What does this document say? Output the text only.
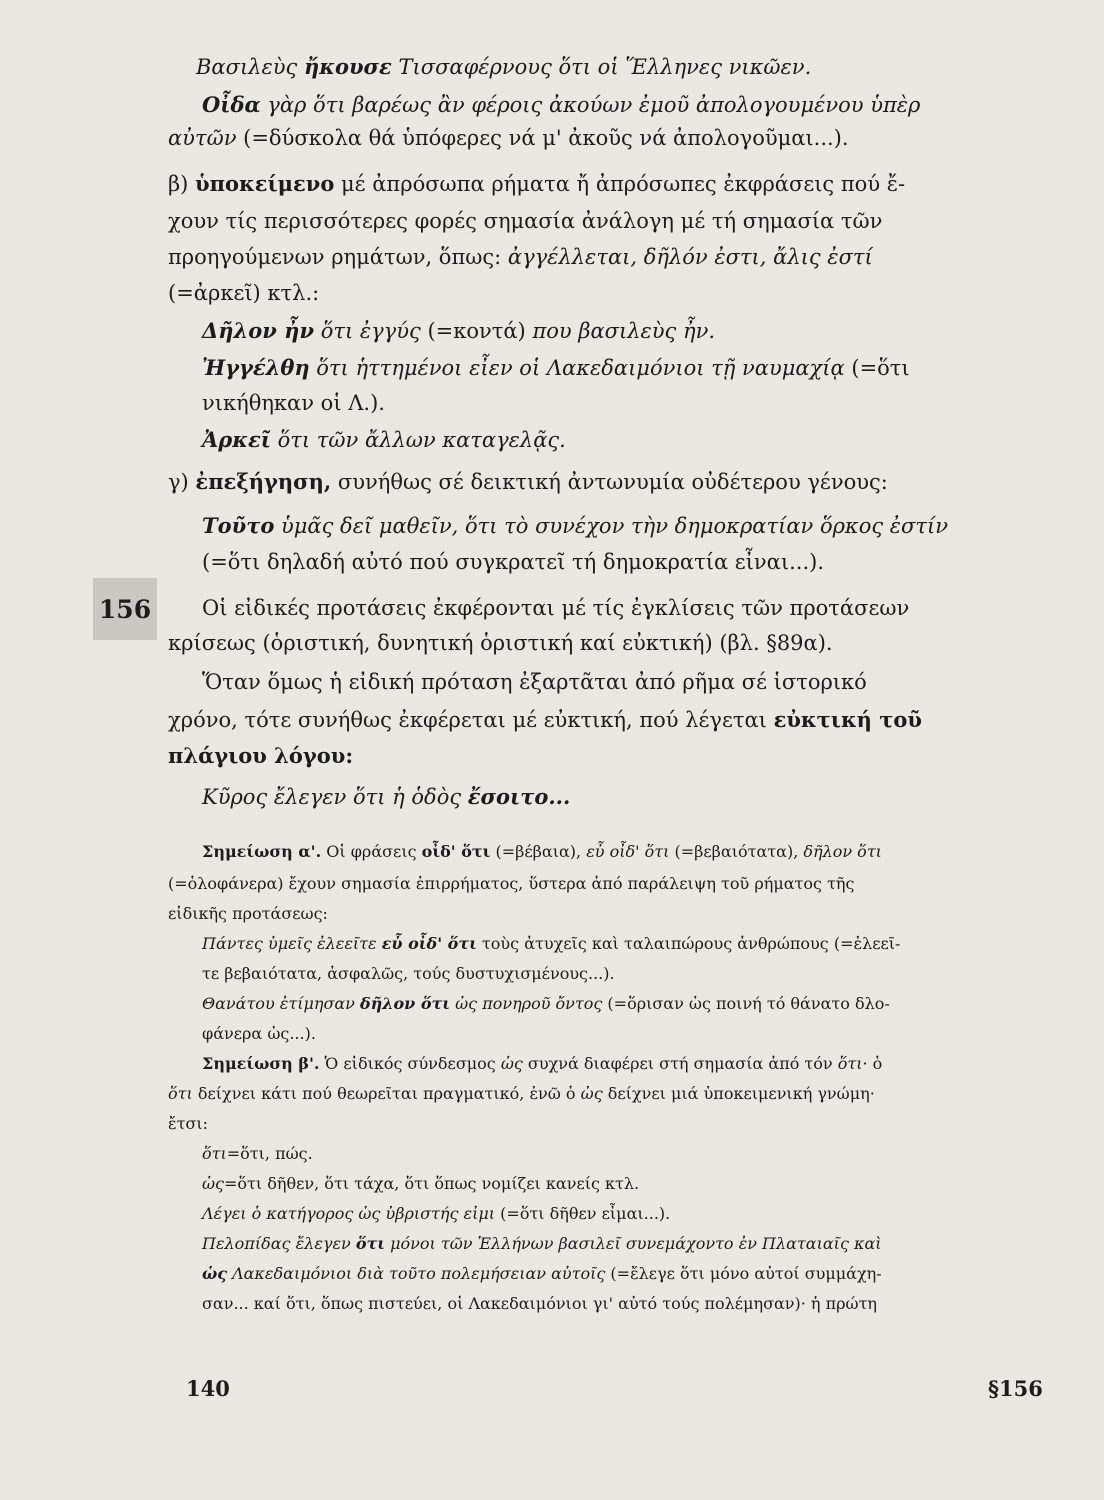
156
140	§156
Βασιλεὺς ἤκουσε Τισσαφέρνους ὅτι οἱ Ἕλληνες νικῶεν.
Οἶδα γὰρ ὅτι βαρέως ἂν φέροις ἀκούων ἐμοῦ ἀπολογουμένου ὑπὲρ
αὐτῶν (=δύσκολα θά ὑπόφερες νά μ' ἀκοῦς νά ἀπολογοῦμαι...).
β) ὑποκείμενο μέ ἀπρόσωπα ρήματα ἤ ἀπρόσωπες ἐκφράσεις πού ἔ-
χουν τίς περισσότερες φορές σημασία ἀνάλογη μέ τή σημασία τῶν
προηγούμενων ρημάτων, ὅπως: ἀγγέλλεται, δῆλόν ἐστι, ἄλις ἐστί
(=ἀρκεῖ) κτλ.:
Δῆλον ἦν ὅτι ἐγγύς (=κοντά) που βασιλεὺς ἦν.
Ἠγγέλθη ὅτι ἡττημένοι εἶεν οἱ Λακεδαιμόνιοι τῇ ναυμαχίᾳ (=ὅτι
νικήθηκαν οἱ Λ.).
Ἀρκεῖ ὅτι τῶν ἄλλων καταγελᾷς.
γ) ἐπεξήγηση, συνήθως σέ δεικτική ἀντωνυμία οὐδέτερου γένους:
Τοῦτο ὑμᾶς δεῖ μαθεῖν, ὅτι τὸ συνέχον τὴν δημοκρατίαν ὅρκος ἐστίν
(=ὅτι δηλαδή αὐτό πού συγκρατεῖ τή δημοκρατία εἶναι...).
Οἱ εἰδικές προτάσεις ἐκφέρονται μέ τίς ἐγκλίσεις τῶν προτάσεων
κρίσεως (ὁριστική, δυνητική ὁριστική καί εὐκτική) (βλ. §89α).
Ὅταν ὅμως ἡ εἰδική πρόταση ἐξαρτᾶται ἀπό ρῆμα σέ ἱστορικό
χρόνο, τότε συνήθως ἐκφέρεται μέ εὐκτική, πού λέγεται εὐκτική τοῦ
πλάγιου λόγου:
Κῦρος ἔλεγεν ὅτι ἡ ὁδὸς ἔσοιτο...
Σημείωση α'. Οἱ φράσεις οἶδ' ὅτι (=βέβαια), εὖ οἶδ' ὅτι (=βεβαιότατα), δῆλον ὅτι
(=ὁλοφάνερα) ἔχουν σημασία ἐπιρρήματος, ὕστερα ἀπό παράλειψη τοῦ ρήματος τῆς
εἰδικῆς προτάσεως:
Πάντες ὑμεῖς ἐλεεῖτε εὖ οἶδ' ὅτι τοὺς ἀτυχεῖς καὶ ταλαιπώρους ἀνθρώπους (=ἐλεεῖ-
τε βεβαιότατα, ἀσφαλῶς, τούς δυστυχισμένους...).
Θανάτου ἐτίμησαν δῆλον ὅτι ὡς πονηροῦ ὄντος (=ὅρισαν ὡς ποινή τό θάνατο δλο-
φάνερα ὡς...).
Σημείωση β'. Ὁ εἰδικός σύνδεσμος ὡς συχνά διαφέρει στή σημασία ἀπό τόν ὅτι· ὁ
ὅτι δείχνει κάτι πού θεωρεῖται πραγματικό, ἐνῶ ὁ ὡς δείχνει μιά ὑποκειμενική γνώμη·
ἔτσι:
ὅτι=ὅτι, πώς.
ὡς=ὅτι δῆθεν, ὅτι τάχα, ὅτι ὅπως νομίζει κανείς κτλ.
Λέγει ὁ κατήγορος ὡς ὑβριστής εἰμι (=ὅτι δῆθεν εἶμαι...).
Πελοπίδας ἔλεγεν ὅτι μόνοι τῶν Ἑλλήνων βασιλεῖ συνεμάχοντο ἐν Πλαταιαῖς καὶ
ὡς Λακεδαιμόνιοι διὰ τοῦτο πολεμήσειαν αὐτοῖς (=ἔλεγε ὅτι μόνο αὐτοί συμμάχη-
σαν... καί ὅτι, ὅπως πιστεύει, οἱ Λακεδαιμόνιοι γι' αὐτό τούς πολέμησαν)· ἡ πρώτη
